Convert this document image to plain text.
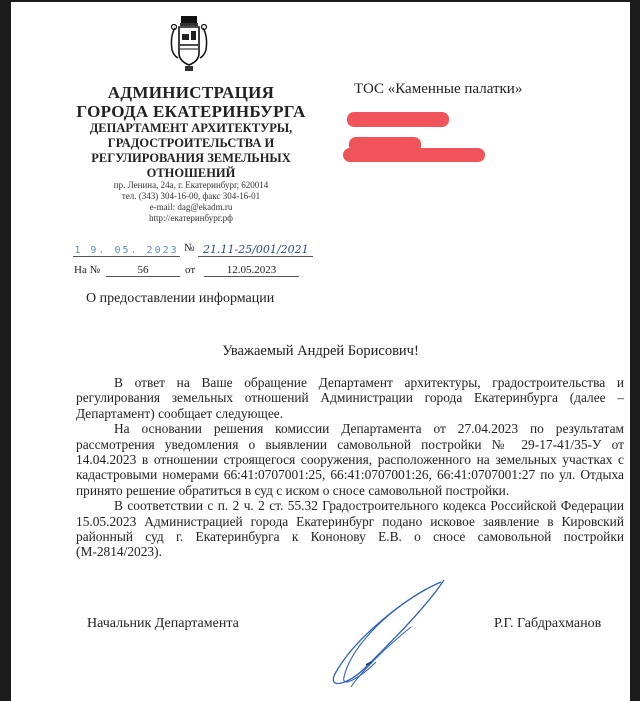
АДМИНИСТРАЦИЯ
ГОРОДА ЕКАТЕРИНБУРГА
ДЕПАРТАМЕНТ АРХИТЕКТУРЫ,
ГРАДОСТРОИТЕЛЬСТВА И
РЕГУЛИРОВАНИЯ ЗЕМЕЛЬНЫХ
ОТНОШЕНИЙ
пр. Ленина, 24а, г. Екатеринбург, 620014
тел. (343) 304-16-00, факс 304-16-01
e-mail: dag@ekadm.ru
http://екатеринбург.рф
1 9. 05. 2023 № 21.11-25/001/2021
На №	56	от	12.05.2023
ТОС «Каменные палатки»
О предоставлении информации
Уважаемый Андрей Борисович!

В ответ на Ваше обращение Департамент архитектуры, градостроительства и регулирования земельных отношений Администрации города Екатеринбурга (далее – Департамент) сообщает следующее.

На основании решения комиссии Департамента от 27.04.2023 по результатам рассмотрения уведомления о выявлении самовольной постройки № 29-17-41/35-У от 14.04.2023 в отношении строящегося сооружения, расположенного на земельных участках с кадастровыми номерами 66:41:0707001:25, 66:41:0707001:26, 66:41:0707001:27 по ул. Отдыха принято решение обратиться в суд с иском о сносе самовольной постройки.

В соответствии с п. 2 ч. 2 ст. 55.32 Градостроительного кодекса Российской Федерации 15.05.2023 Администрацией города Екатеринбург подано исковое заявление в Кировский районный суд г. Екатеринбурга к Кононову Е.В. о сносе самовольной постройки (М-2814/2023).

Начальник Департамента	Р.Г. Габдрахманов
